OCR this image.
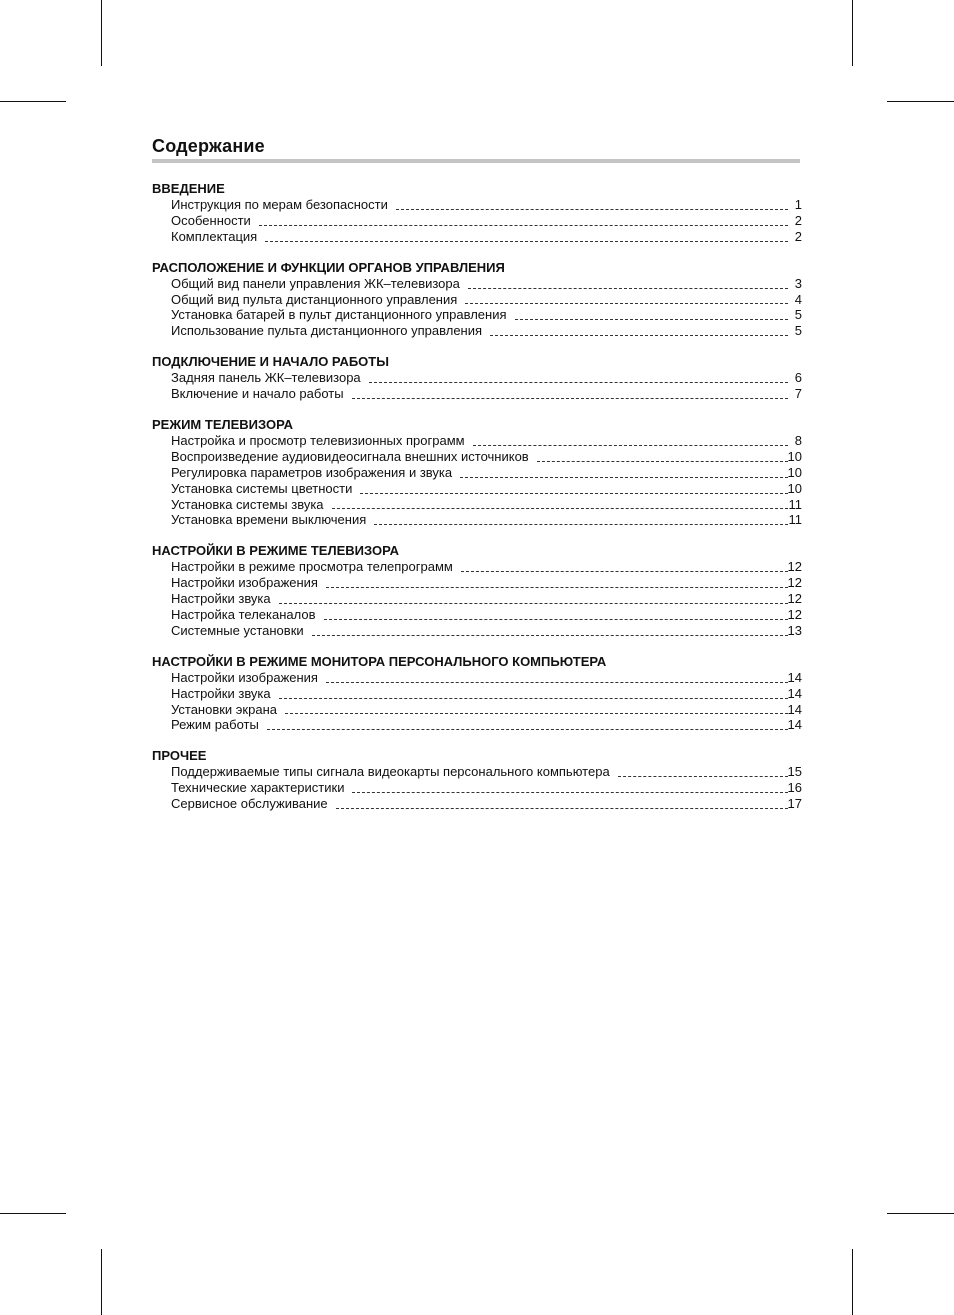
Содержание
ВВЕДЕНИЕ
Инструкция по мерам безопасности	1
Особенности	2
Комплектация	2
РАСПОЛОЖЕНИЕ И ФУНКЦИИ ОРГАНОВ УПРАВЛЕНИЯ
Общий вид панели управления ЖК–телевизора	3
Общий вид пульта дистанционного управления	4
Установка батарей в пульт дистанционного управления	5
Использование пульта дистанционного управления	5
ПОДКЛЮЧЕНИЕ И НАЧАЛО РАБОТЫ
Задняя панель ЖК–телевизора	6
Включение и начало работы	7
РЕЖИМ ТЕЛЕВИЗОРА
Настройка и просмотр телевизионных программ	8
Воспроизведение аудиовидеосигнала внешних источников	10
Регулировка параметров изображения и звука	10
Установка системы цветности	10
Установка системы звука	11
Установка времени выключения	11
НАСТРОЙКИ В РЕЖИМЕ ТЕЛЕВИЗОРА
Настройки в режиме просмотра телепрограмм	12
Настройки изображения	12
Настройки звука	12
Настройка телеканалов	12
Системные установки	13
НАСТРОЙКИ В РЕЖИМЕ МОНИТОРА ПЕРСОНАЛЬНОГО КОМПЬЮТЕРА
Настройки изображения	14
Настройки звука	14
Установки экрана	14
Режим работы	14
ПРОЧЕЕ
Поддерживаемые типы сигнала видеокарты персонального компьютера	15
Технические характеристики	16
Сервисное обслуживание	17
